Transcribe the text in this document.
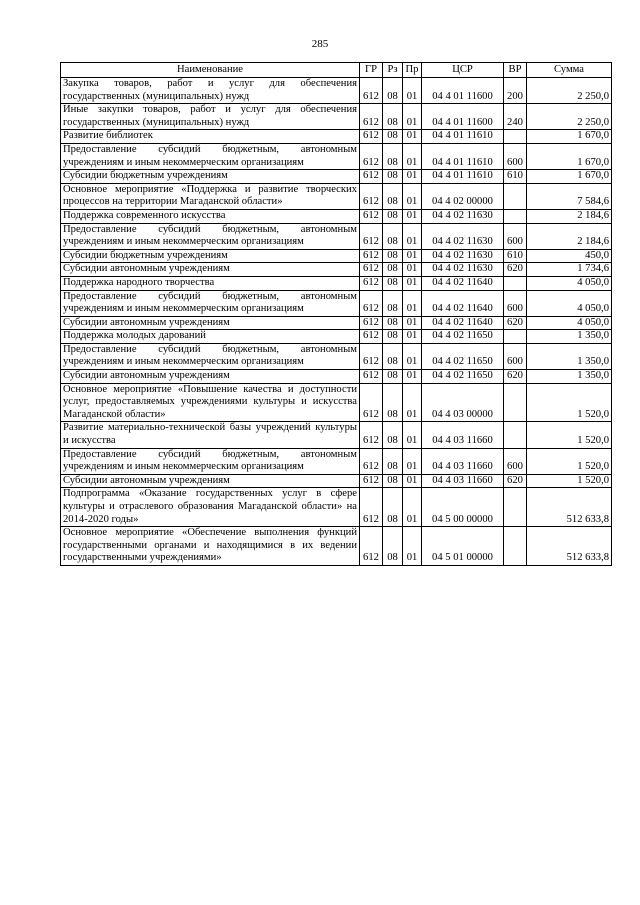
285
Наименование	ГР	Рз	Пр	ЦСР	ВР	Сумма
Закупка товаров, работ и услуг для обеспечения государственных (муниципальных) нужд	612	08	01	04 4 01 11600	200	2 250,0
Иные закупки товаров, работ и услуг для обеспечения государственных (муниципальных) нужд	612	08	01	04 4 01 11600	240	2 250,0
Развитие библиотек	612	08	01	04 4 01 11610		1 670,0
Предоставление субсидий бюджетным, автономным учреждениям и иным некоммерческим организациям	612	08	01	04 4 01 11610	600	1 670,0
Субсидии бюджетным учреждениям	612	08	01	04 4 01 11610	610	1 670,0
Основное мероприятие «Поддержка и развитие творческих процессов на территории Магаданской области»	612	08	01	04 4 02 00000		7 584,6
Поддержка современного искусства	612	08	01	04 4 02 11630		2 184,6
Предоставление субсидий бюджетным, автономным учреждениям и иным некоммерческим организациям	612	08	01	04 4 02 11630	600	2 184,6
Субсидии бюджетным учреждениям	612	08	01	04 4 02 11630	610	450,0
Субсидии автономным учреждениям	612	08	01	04 4 02 11630	620	1 734,6
Поддержка народного творчества	612	08	01	04 4 02 11640		4 050,0
Предоставление субсидий бюджетным, автономным учреждениям и иным некоммерческим организациям	612	08	01	04 4 02 11640	600	4 050,0
Субсидии автономным учреждениям	612	08	01	04 4 02 11640	620	4 050,0
Поддержка молодых дарований	612	08	01	04 4 02 11650		1 350,0
Предоставление субсидий бюджетным, автономным учреждениям и иным некоммерческим организациям	612	08	01	04 4 02 11650	600	1 350,0
Субсидии автономным учреждениям	612	08	01	04 4 02 11650	620	1 350,0
Основное мероприятие «Повышение качества и доступности услуг, предоставляемых учреждениями культуры и искусства Магаданской области»	612	08	01	04 4 03 00000		1 520,0
Развитие материально-технической базы учреждений культуры и искусства	612	08	01	04 4 03 11660		1 520,0
Предоставление субсидий бюджетным, автономным учреждениям и иным некоммерческим организациям	612	08	01	04 4 03 11660	600	1 520,0
Субсидии автономным учреждениям	612	08	01	04 4 03 11660	620	1 520,0
Подпрограмма «Оказание государственных услуг в сфере культуры и отраслевого образования Магаданской области» на 2014-2020 годы»	612	08	01	04 5 00 00000		512 633,8
Основное мероприятие «Обеспечение выполнения функций государственными органами и находящимися в их ведении государственными учреждениями»	612	08	01	04 5 01 00000		512 633,8
